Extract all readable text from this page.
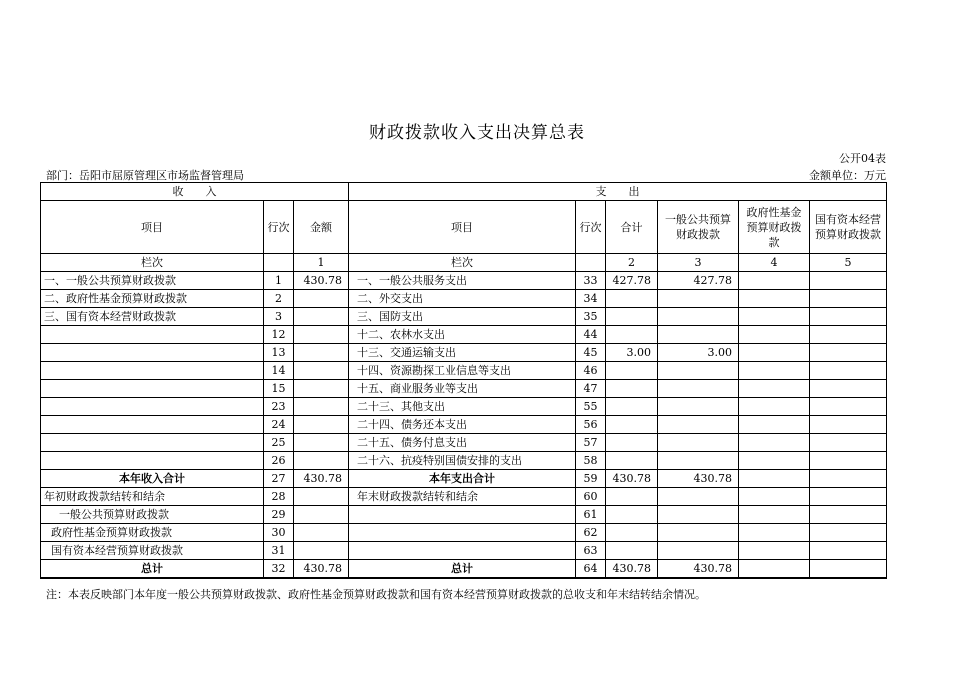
财政拨款收入支出决算总表
公开04表
部门：岳阳市屈原管理区市场监督管理局	金额单位：万元
收　　入			支　　出					
项目	行次	金额	项目	行次	合计	一般公共预算财政拨款	政府性基金预算财政拨款	国有资本经营预算财政拨款
栏次		1	栏次		2	3	4	5
一、一般公共预算财政拨款	1	430.78	一、一般公共服务支出	33	427.78	427.78		
二、政府性基金预算财政拨款	2		二、外交支出	34				
三、国有资本经营财政拨款	3		三、国防支出	35				
	12		十二、农林水支出	44				
	13		十三、交通运输支出	45	3.00	3.00		
	14		十四、资源勘探工业信息等支出	46				
	15		十五、商业服务业等支出	47				
	23		二十三、其他支出	55				
	24		二十四、债务还本支出	56				
	25		二十五、债务付息支出	57				
	26		二十六、抗疫特别国债安排的支出	58				
本年收入合计	27	430.78	本年支出合计	59	430.78	430.78		
年初财政拨款结转和结余	28		年末财政拨款结转和结余	60				
一般公共预算财政拨款	29			61				
政府性基金预算财政拨款	30			62				
国有资本经营预算财政拨款	31			63				
总计	32	430.78	总计	64	430.78	430.78		
注：本表反映部门本年度一般公共预算财政拨款、政府性基金预算财政拨款和国有资本经营预算财政拨款的总收支和年末结转结余情况。
